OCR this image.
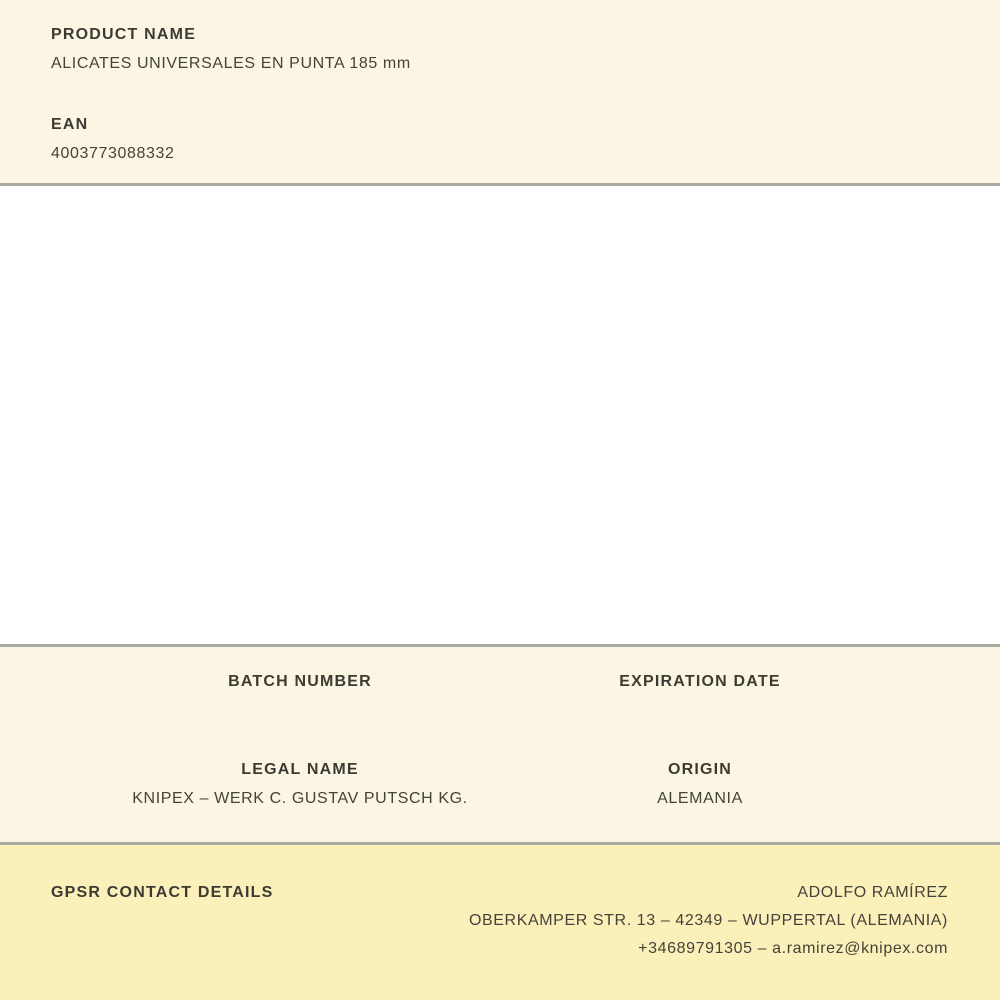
PRODUCT NAME
ALICATES UNIVERSALES EN PUNTA 185 mm
EAN
4003773088332
BATCH NUMBER	EXPIRATION DATE
LEGAL NAME
KNIPEX – WERK C. GUSTAV PUTSCH KG.
ORIGIN
ALEMANIA
GPSR CONTACT DETAILS	ADOLFO RAMÍREZ
OBERKAMPER STR. 13 – 42349 – WUPPERTAL (ALEMANIA)
+34689791305 – a.ramirez@knipex.com
